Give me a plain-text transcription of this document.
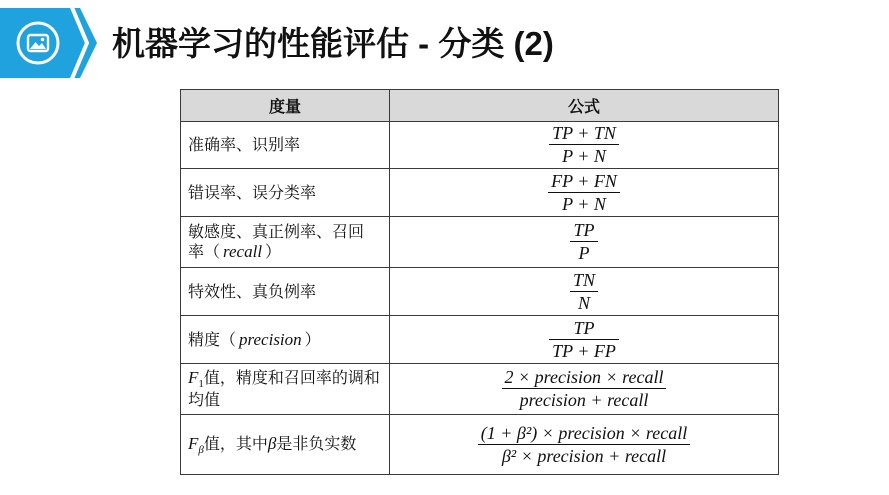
机器学习的性能评估 - 分类 (2)
度量	公式
准确率、识别率	$\frac{TP + TN}{P + N}$

错误率、误分类率	$\frac{FP + FN}{P + N}$

敏感度、真正例率、召回率（ recall ）	$\frac{TP}{P}$

特效性、真负例率	$\frac{TN}{N}$

精度（ precision ）	$\frac{TP}{TP + FP}$

$F_1$值，精度和召回率的调和均值	$\frac{\text{2 × precision × recall}}{\text{precision + recall}}$

$F_\beta$值，其中β是非负实数	$\frac{\text{(1 + β²) × precision × recall}}{\text{β² × precision + recall}}$
